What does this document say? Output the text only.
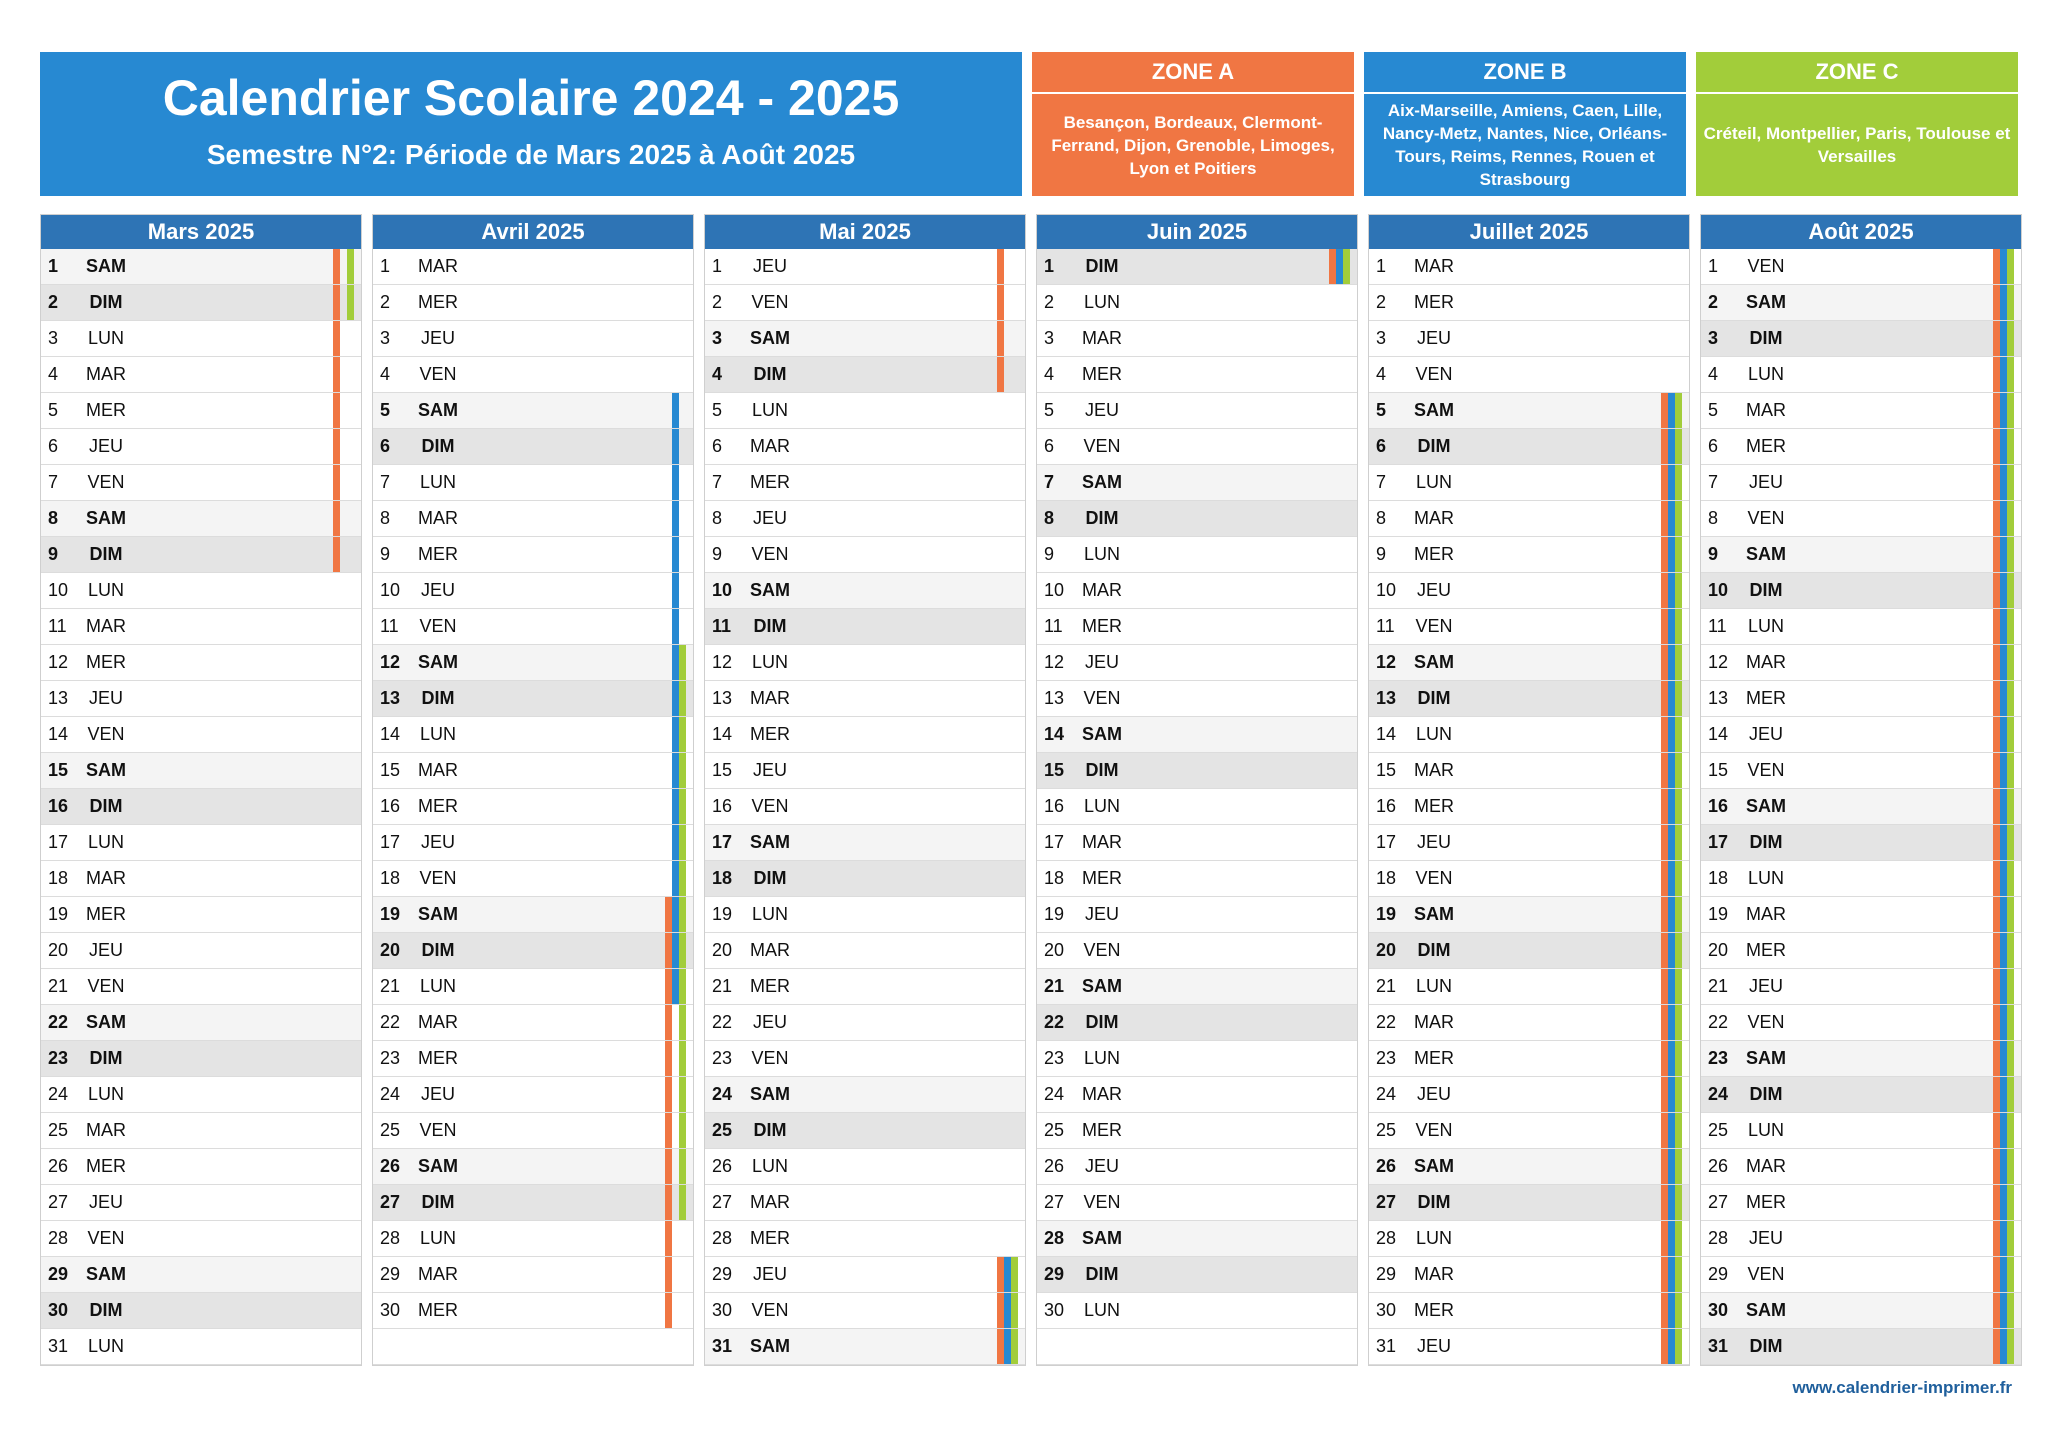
Calendrier Scolaire 2024 - 2025
Semestre N°2: Période de Mars 2025 à Août 2025
ZONE A
Besançon, Bordeaux, Clermont-Ferrand, Dijon, Grenoble, Limoges, Lyon et Poitiers
ZONE B
Aix-Marseille, Amiens, Caen, Lille, Nancy-Metz, Nantes, Nice, Orléans-Tours, Reims, Rennes, Rouen et Strasbourg
ZONE C
Créteil, Montpellier, Paris, Toulouse et Versailles
Mars 2025
1	SAM
2	DIM
3	LUN
4	MAR
5	MER
6	JEU
7	VEN
8	SAM
9	DIM
10	LUN
11	MAR
12 MER
13	JEU
14	VEN
15 SAM
16	DIM
17	LUN
18 MAR
19 MER
20	JEU
21	VEN
22 SAM
23	DIM
24	LUN
25 MAR
26 MER
27	JEU
28	VEN
29 SAM
30	DIM
31	LUN
Avril 2025
1	MAR
2	MER
3	JEU
4	VEN
5	SAM
6	DIM
7	LUN
8	MAR
9	MER
10	JEU
11	VEN
12 SAM
13	DIM
14	LUN
15 MAR
16 MER
17	JEU
18	VEN
19 SAM
20	DIM
21	LUN
22 MAR
23 MER
24	JEU
25	VEN
26 SAM
27	DIM
28	LUN
29 MAR
30 MER
Mai 2025
1	JEU
2	VEN
3	SAM
4	DIM
5	LUN
6	MAR
7	MER
8	JEU
9	VEN
10 SAM
11	DIM
12	LUN
13 MAR
14 MER
15	JEU
16	VEN
17 SAM
18	DIM
19	LUN
20 MAR
21 MER
22	JEU
23	VEN
24 SAM
25	DIM
26	LUN
27 MAR
28 MER
29	JEU
30	VEN
31 SAM
Juin 2025
1	DIM
2	LUN
3	MAR
4	MER
5	JEU
6	VEN
7	SAM
8	DIM
9	LUN
10 MAR
11	MER
12	JEU
13	VEN
14 SAM
15	DIM
16	LUN
17 MAR
18 MER
19	JEU
20	VEN
21 SAM
22	DIM
23	LUN
24 MAR
25 MER
26	JEU
27	VEN
28 SAM
29	DIM
30	LUN
Juillet 2025
1	MAR
2	MER
3	JEU
4	VEN
5	SAM
6	DIM
7	LUN
8	MAR
9	MER
10	JEU
11	VEN
12 SAM
13	DIM
14	LUN
15 MAR
16 MER
17	JEU
18	VEN
19 SAM
20	DIM
21	LUN
22 MAR
23 MER
24	JEU
25	VEN
26 SAM
27	DIM
28	LUN
29 MAR
30 MER
31	JEU
Août 2025
1	VEN
2	SAM
3	DIM
4	LUN
5	MAR
6	MER
7	JEU
8	VEN
9	SAM
10	DIM
11	LUN
12 MAR
13 MER
14	JEU
15	VEN
16 SAM
17	DIM
18	LUN
19 MAR
20 MER
21	JEU
22	VEN
23 SAM
24	DIM
25	LUN
26 MAR
27 MER
28	JEU
29	VEN
30 SAM
31	DIM
www.calendrier-imprimer.fr
